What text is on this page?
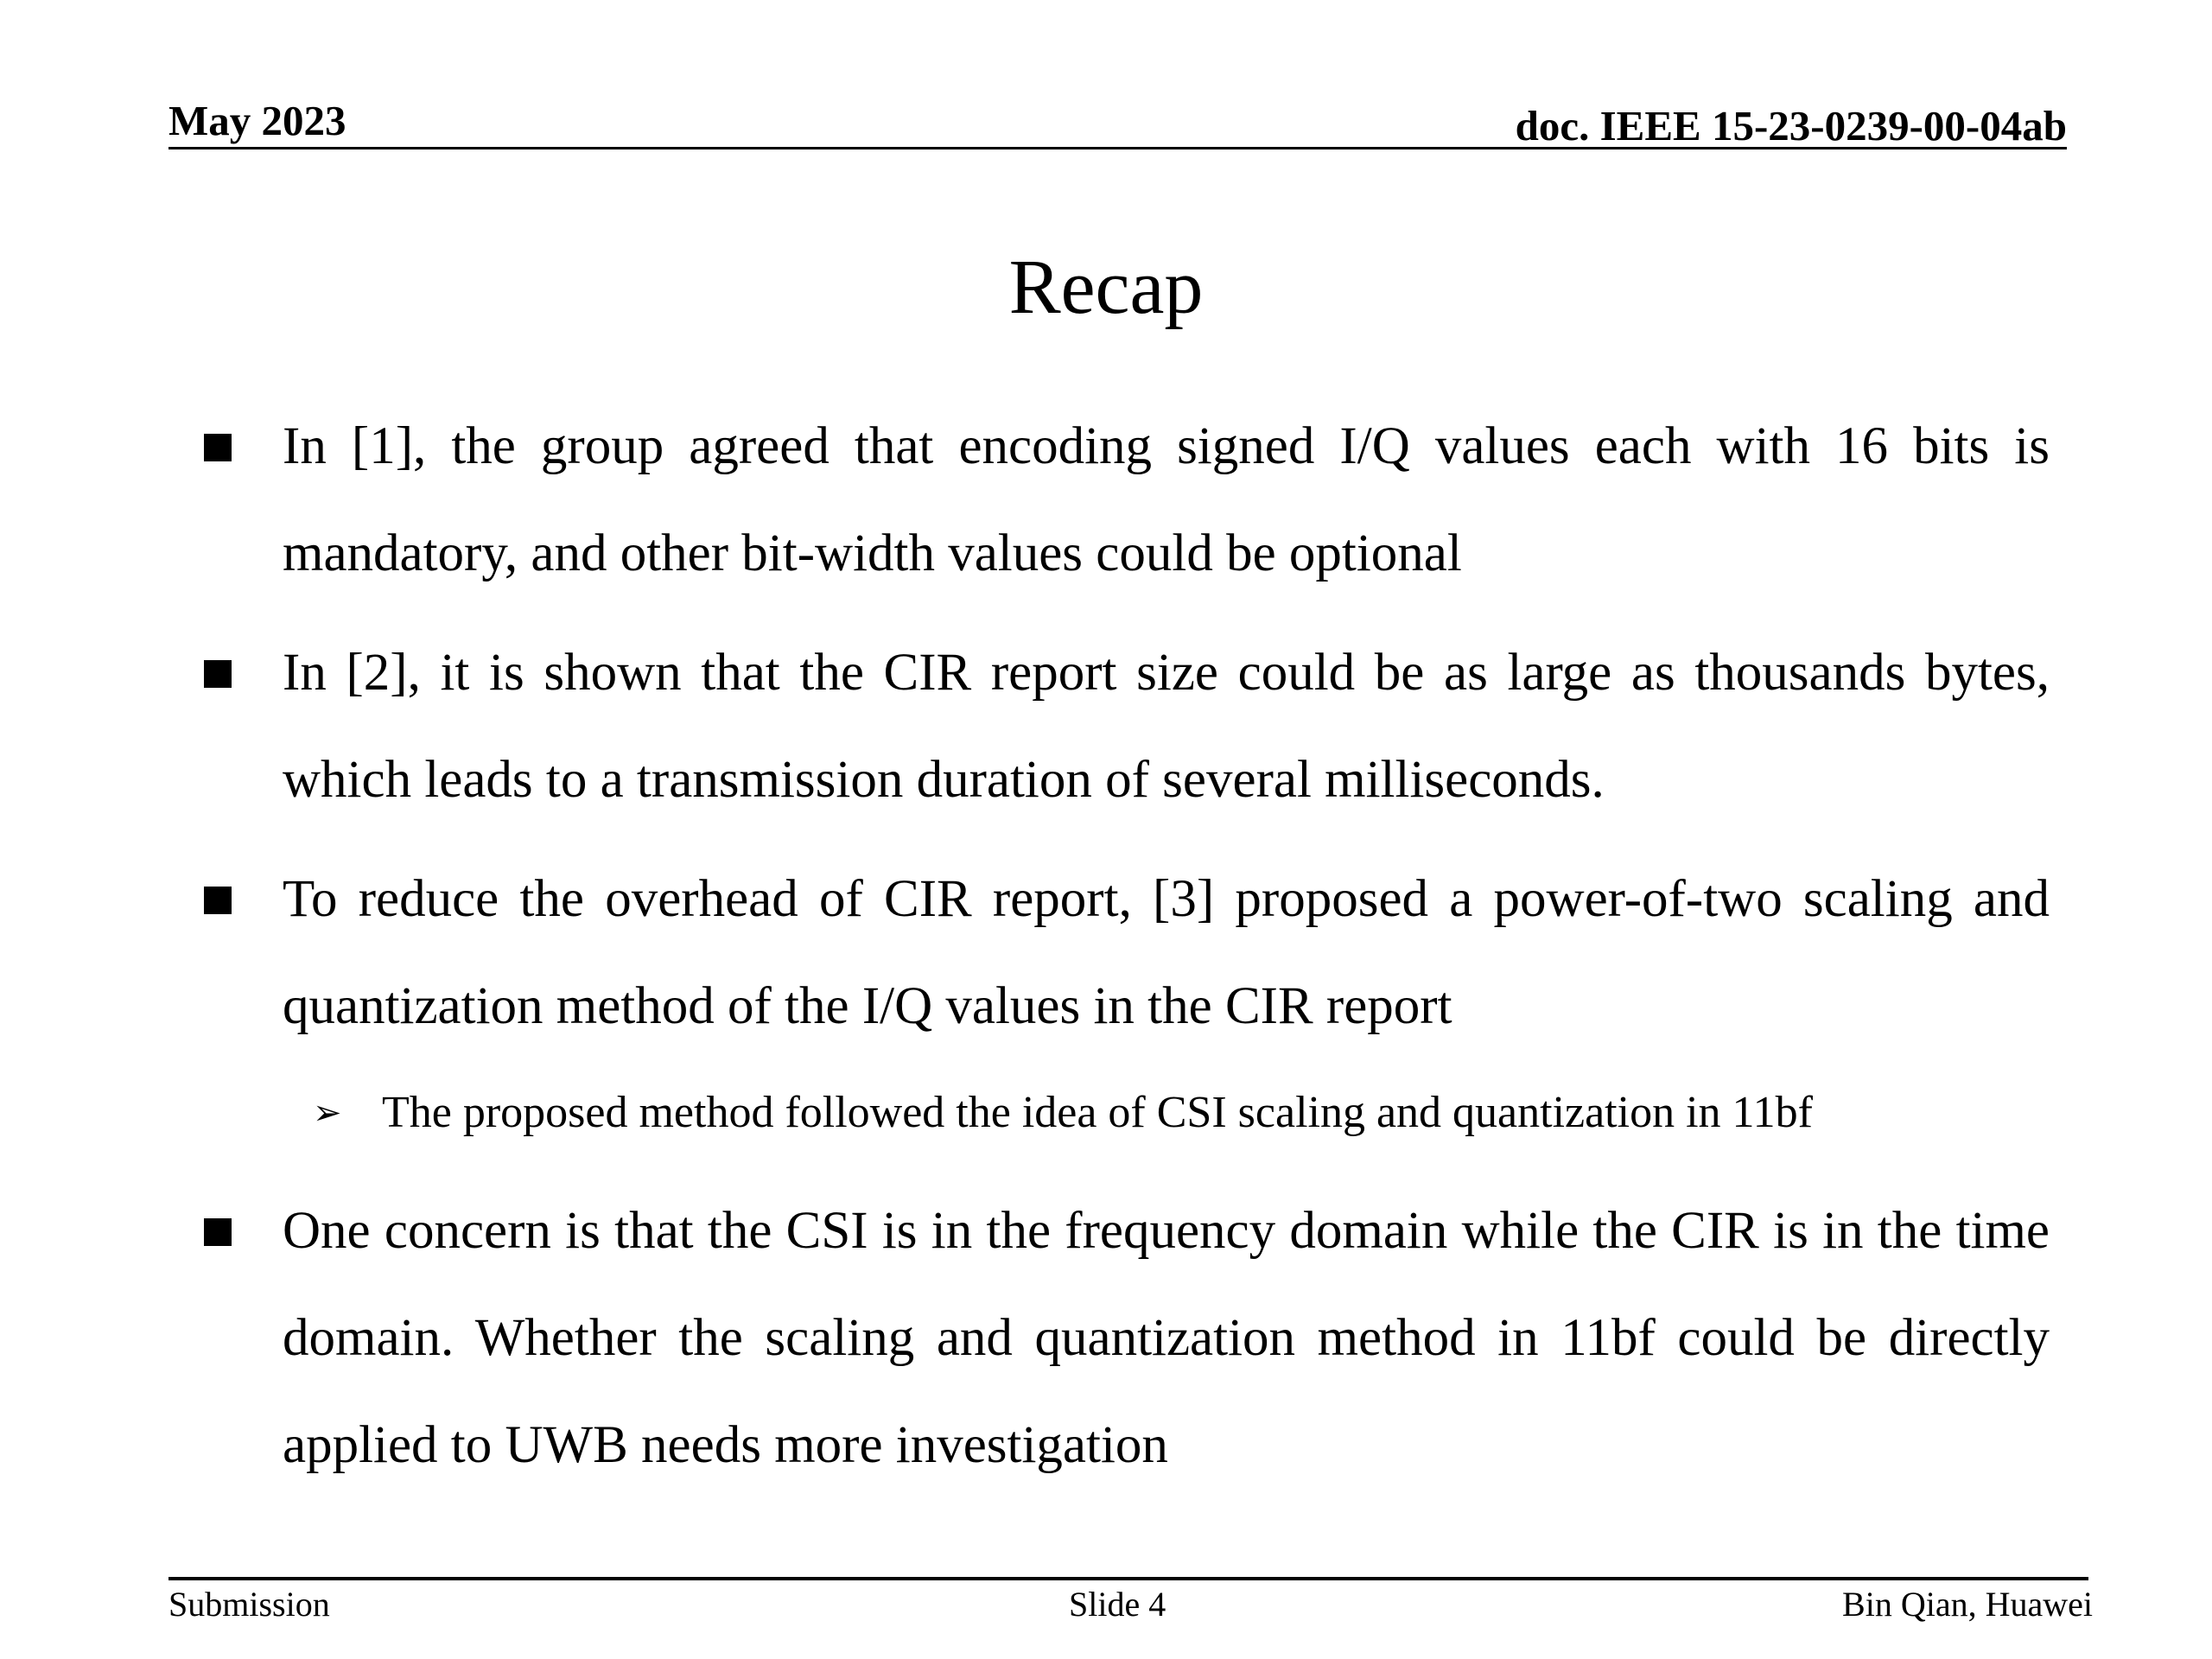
May 2023	doc. IEEE 15-23-0239-00-04ab
Recap
In [1], the group agreed that encoding signed I/Q values each with 16 bits is mandatory, and other bit-width values could be optional
In [2], it is shown that the CIR report size could be as large as thousands bytes, which leads to a transmission duration of several milliseconds.
To reduce the overhead of CIR report, [3] proposed a power-of-two scaling and quantization method of the I/Q values in the CIR report
➢ The proposed method followed the idea of CSI scaling and quantization in 11bf
One concern is that the CSI is in the frequency domain while the CIR is in the time domain. Whether the scaling and quantization method in 11bf could be directly applied to UWB needs more investigation
Submission	Slide 4	Bin Qian, Huawei
